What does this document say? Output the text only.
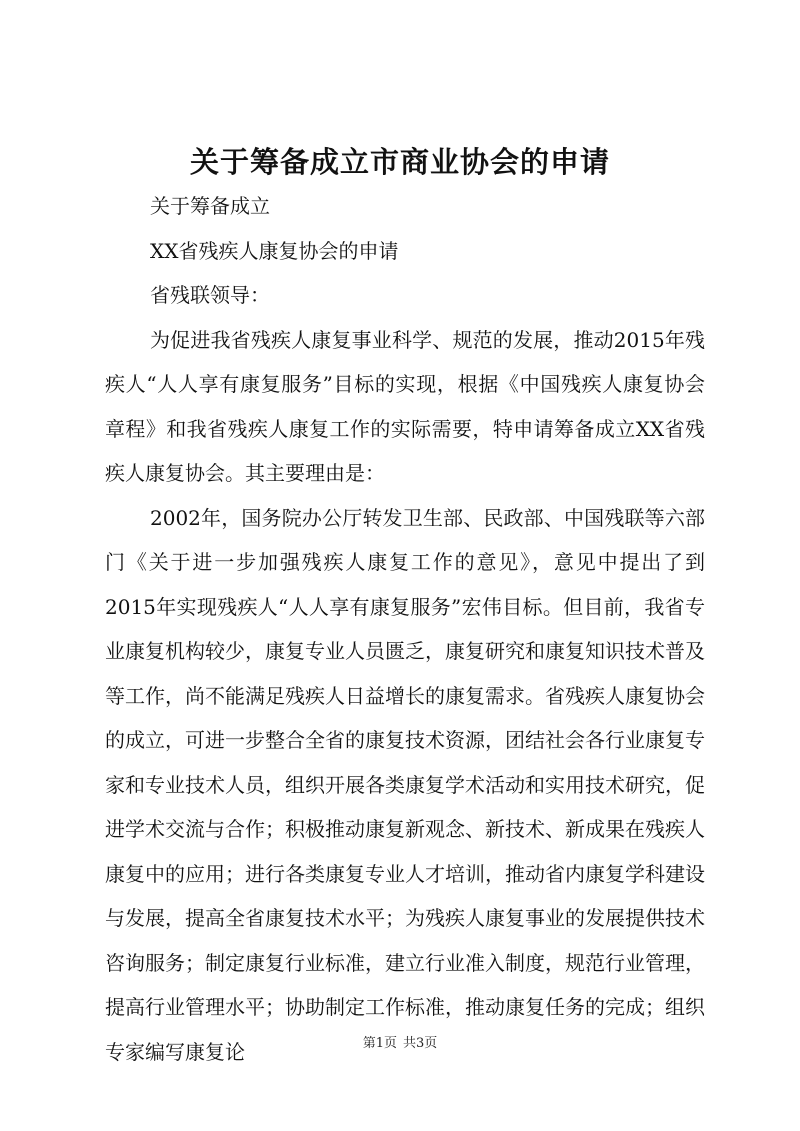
关于筹备成立市商业协会的申请

关于筹备成立

XX省残疾人康复协会的申请

省残联领导：

为促进我省残疾人康复事业科学、规范的发展，推动2015年残疾人“人人享有康复服务”目标的实现，根据《中国残疾人康复协会章程》和我省残疾人康复工作的实际需要，特申请筹备成立XX省残疾人康复协会。其主要理由是：

2002年，国务院办公厅转发卫生部、民政部、中国残联等六部门《关于进一步加强残疾人康复工作的意见》，意见中提出了到2015年实现残疾人“人人享有康复服务”宏伟目标。但目前，我省专业康复机构较少，康复专业人员匮乏，康复研究和康复知识技术普及等工作，尚不能满足残疾人日益增长的康复需求。省残疾人康复协会的成立，可进一步整合全省的康复技术资源，团结社会各行业康复专家和专业技术人员，组织开展各类康复学术活动和实用技术研究，促进学术交流与合作；积极推动康复新观念、新技术、新成果在残疾人康复中的应用；进行各类康复专业人才培训，推动省内康复学科建设与发展，提高全省康复技术水平；为残疾人康复事业的发展提供技术咨询服务；制定康复行业标准，建立行业准入制度，规范行业管理，提高行业管理水平；协助制定工作标准，推动康复任务的完成；组织专家编写康复论	第1页 共3页
